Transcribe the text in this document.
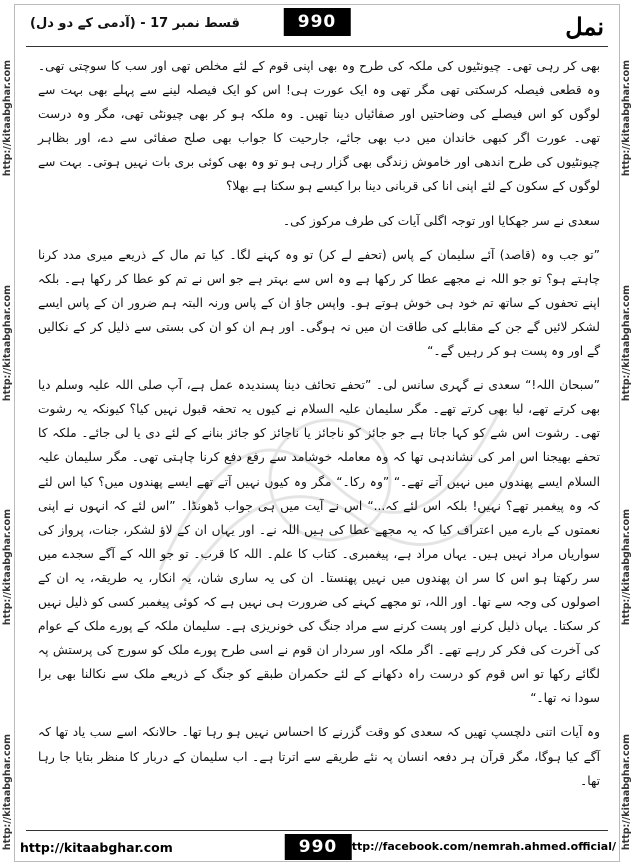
نمل
990
قسط نمبر 17 - (آدمی کے دو دل)
http://kitaabghar.com
http://kitaabghar.com
http://kitaabghar.com
http://kitaabghar.com
http://kitaabghar.com
http://kitaabghar.com
http://kitaabghar.com
http://kitaabghar.com

بھی کر رہی تھی۔ چیونٹیوں کی ملکہ کی طرح وہ بھی اپنی قوم کے لئے مخلص تھی اور سب کا سوچتی تھی۔ وہ قطعی فیصلہ کرسکتی تھی مگر تھی وہ ایک عورت ہی! اس کو ایک فیصلہ لینے سے پہلے بھی بہت سے لوگوں کو اس فیصلے کی وضاحتیں اور صفائیاں دینا تھیں۔ وہ ملکہ ہو کر بھی چیونٹی تھی، مگر وہ درست تھی۔ عورت اگر کبھی خاندان میں دب بھی جائے، جارحیت کا جواب بھی صلح صفائی سے دے، اور بظاہر چیونٹیوں کی طرح اندھی اور خاموش زندگی بھی گزار رہی ہو تو وہ بھی کوئی بری بات نہیں ہوتی۔ بہت سے لوگوں کے سکون کے لئے اپنی انا کی قربانی دینا برا کیسے ہو سکتا ہے بھلا؟

سعدی نے سر جھکایا اور توجہ اگلی آیات کی طرف مرکوز کی۔

”تو جب وہ (قاصد) آئے سلیمان کے پاس (تحفے لے کر) تو وہ کہنے لگا۔ کیا تم مال کے ذریعے میری مدد کرنا چاہتے ہو؟ تو جو اللہ نے مجھے عطا کر رکھا ہے وہ اس سے بہتر ہے جو اس نے تم کو عطا کر رکھا ہے۔ بلکہ اپنے تحفوں کے ساتھ تم خود ہی خوش ہوتے ہو۔ واپس جاؤ ان کے پاس ورنہ البتہ ہم ضرور ان کے پاس ایسے لشکر لائیں گے جن کے مقابلے کی طاقت ان میں نہ ہوگی۔ اور ہم ان کو ان کی بستی سے ذلیل کر کے نکالیں گے اور وہ پست ہو کر رہیں گے۔“

”سبحان اللہ!“ سعدی نے گہری سانس لی۔ ”تحفے تحائف دینا پسندیدہ عمل ہے، آپ صلی اللہ علیہ وسلم دیا بھی کرتے تھے، لیا بھی کرتے تھے۔ مگر سلیمان علیہ السلام نے کیوں یہ تحفہ قبول نہیں کیا؟ کیونکہ یہ رشوت تھی۔ رشوت اس شے کو کہا جاتا ہے جو جائز کو ناجائز یا ناجائز کو جائز بنانے کے لئے دی یا لی جائے۔ ملکہ کا تحفے بھیجنا اس امر کی نشاندہی تھا کہ وہ معاملہ خوشامد سے رفع دفع کرنا چاہتی تھی۔ مگر سلیمان علیہ السلام ایسے پھندوں میں نہیں آتے تھے۔“ ”وہ رکا۔“ مگر وہ کیوں نہیں آتے تھے ایسے پھندوں میں؟ کیا اس لئے کہ وہ پیغمبر تھے؟ نہیں! بلکہ اس لئے کہ...“ اس نے آیت میں ہی جواب ڈھونڈا۔ ”اس لئے کہ انہوں نے اپنی نعمتوں کے بارے میں اعتراف کیا کہ یہ مجھے عطا کی ہیں اللہ نے۔ اور یہاں ان کے لاؤ لشکر، جنات، پرواز کی سواریاں مراد نہیں ہیں۔ یہاں مراد ہے، پیغمبری۔ کتاب کا علم۔ اللہ کا قرب۔ تو جو اللہ کے آگے سجدے میں سر رکھتا ہو اس کا سر ان پھندوں میں نہیں پھنستا۔ ان کی یہ ساری شان، یہ انکار، یہ طریقہ، یہ ان کے اصولوں کی وجہ سے تھا۔ اور اللہ، تو مجھے کہنے کی ضرورت ہی نہیں ہے کہ کوئی پیغمبر کسی کو ذلیل نہیں کر سکتا۔ یہاں ذلیل کرنے اور پست کرنے سے مراد جنگ کی خونریزی ہے۔ سلیمان ملکہ کے پورے ملک کے عوام کی آخرت کی فکر کر رہے تھے۔ اگر ملکہ اور سردار ان قوم نے اسی طرح پورے ملک کو سورج کی پرستش پہ لگائے رکھا تو اس قوم کو درست راہ دکھانے کے لئے حکمران طبقے کو جنگ کے ذریعے ملک سے نکالنا بھی برا سودا نہ تھا۔“

وہ آیات اتنی دلچسپ تھیں کہ سعدی کو وقت گزرنے کا احساس نہیں ہو رہا تھا۔ حالانکہ اسے سب یاد تھا کہ آگے کیا ہوگا، مگر قرآن ہر دفعہ انسان پہ نئے طریقے سے اترتا ہے۔ اب سلیمان کے دربار کا منظر بتایا جا رہا تھا۔

http://kitaabghar.com	990 http://facebook.com/nemrah.ahmed.official/
